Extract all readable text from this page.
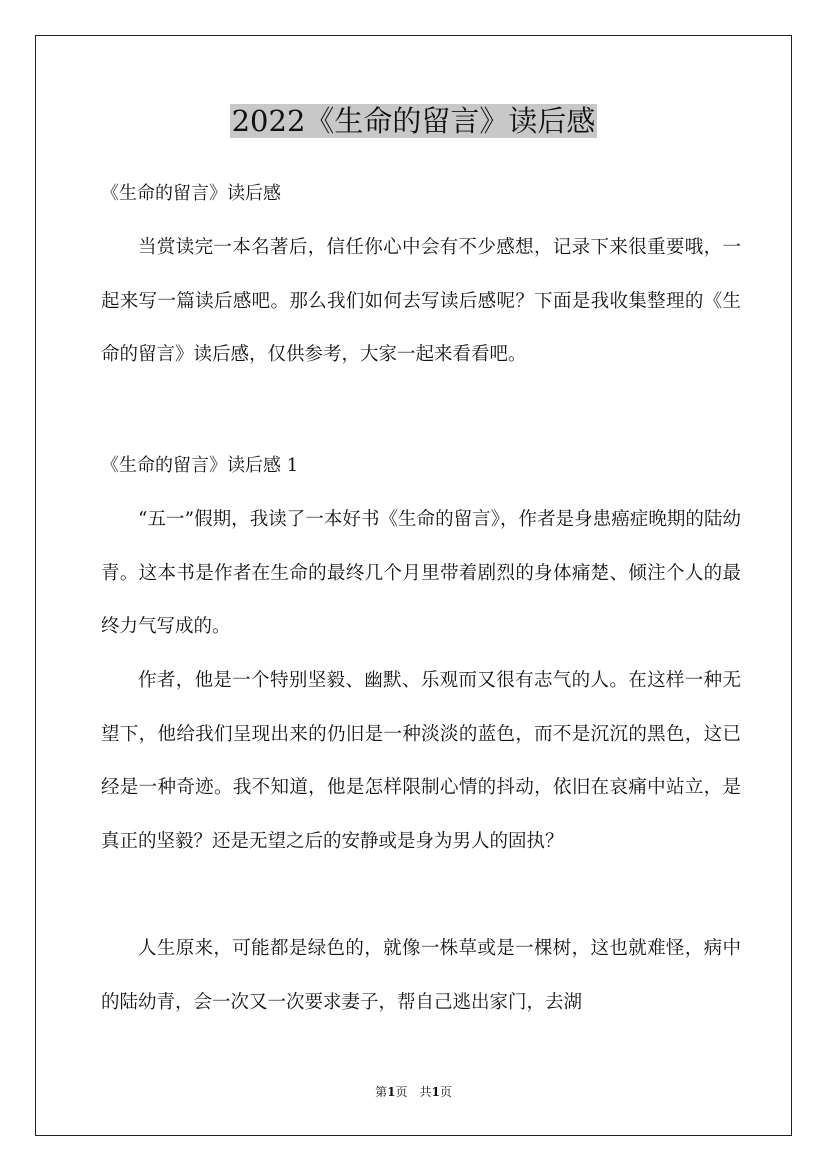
2022《生命的留言》读后感
《生命的留言》读后感

当赏读完一本名著后，信任你心中会有不少感想，记录下来很重要哦，一起来写一篇读后感吧。那么我们如何去写读后感呢？下面是我收集整理的《生命的留言》读后感，仅供参考，大家一起来看看吧。

《生命的留言》读后感 1

“五一”假期，我读了一本好书《生命的留言》，作者是身患癌症晚期的陆幼青。这本书是作者在生命的最终几个月里带着剧烈的身体痛楚、倾注个人的最终力气写成的。

作者，他是一个特别坚毅、幽默、乐观而又很有志气的人。在这样一种无望下，他给我们呈现出来的仍旧是一种淡淡的蓝色，而不是沉沉的黑色，这已经是一种奇迹。我不知道，他是怎样限制心情的抖动，依旧在哀痛中站立，是真正的坚毅？还是无望之后的安静或是身为男人的固执？

人生原来，可能都是绿色的，就像一株草或是一棵树，这也就难怪，病中的陆幼青，会一次又一次要求妻子，帮自己逃出家门，去湖

第1页　共1页
